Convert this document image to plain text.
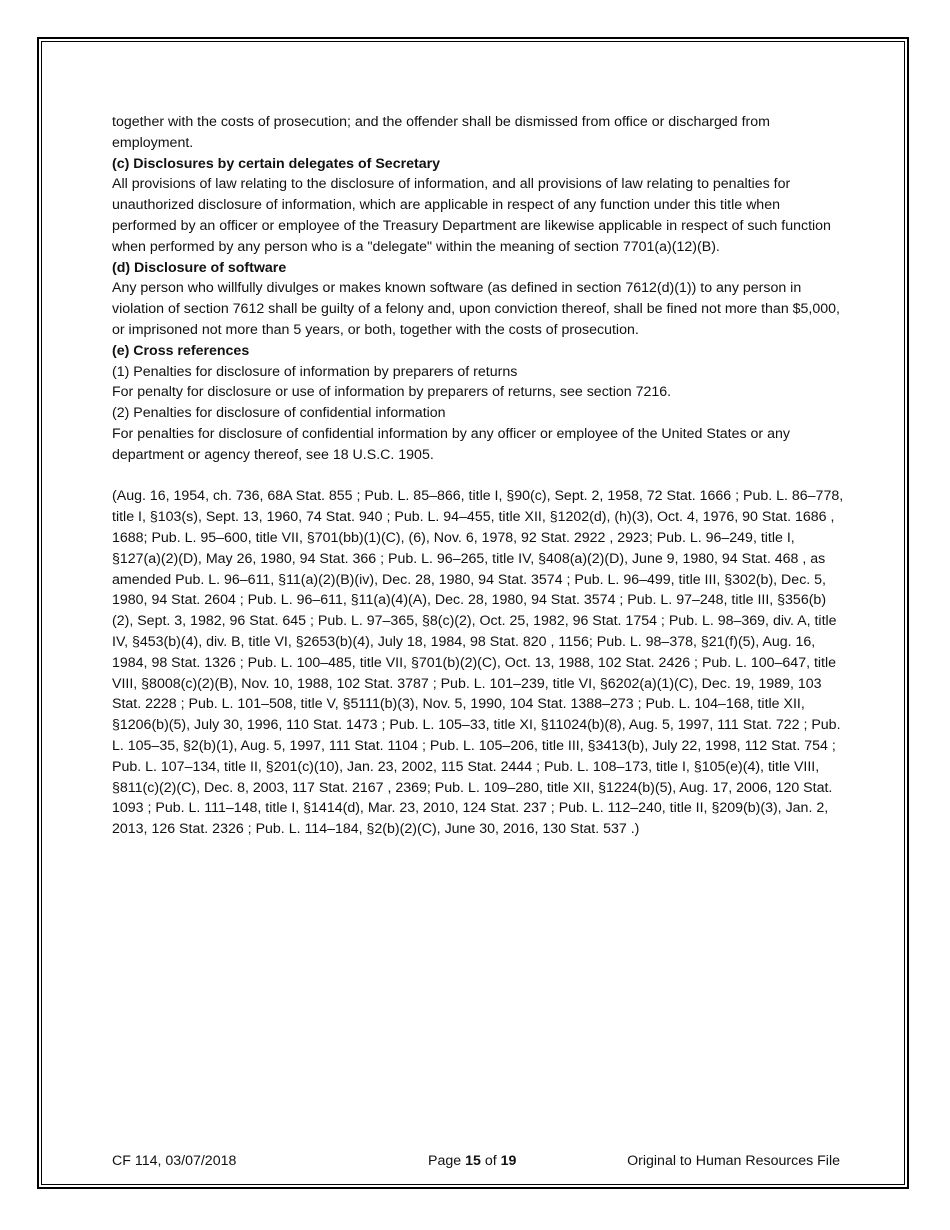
together with the costs of prosecution; and the offender shall be dismissed from office or discharged from employment.

(c) Disclosures by certain delegates of Secretary

All provisions of law relating to the disclosure of information, and all provisions of law relating to penalties for unauthorized disclosure of information, which are applicable in respect of any function under this title when performed by an officer or employee of the Treasury Department are likewise applicable in respect of such function when performed by any person who is a "delegate" within the meaning of section 7701(a)(12)(B).

(d) Disclosure of software

Any person who willfully divulges or makes known software (as defined in section 7612(d)(1)) to any person in violation of section 7612 shall be guilty of a felony and, upon conviction thereof, shall be fined not more than $5,000, or imprisoned not more than 5 years, or both, together with the costs of prosecution.

(e) Cross references

(1) Penalties for disclosure of information by preparers of returns

For penalty for disclosure or use of information by preparers of returns, see section 7216.

(2) Penalties for disclosure of confidential information

For penalties for disclosure of confidential information by any officer or employee of the United States or any department or agency thereof, see 18 U.S.C. 1905.

(Aug. 16, 1954, ch. 736, 68A Stat. 855 ; Pub. L. 85–866, title I, §90(c), Sept. 2, 1958, 72 Stat. 1666 ; Pub. L. 86–778, title I, §103(s), Sept. 13, 1960, 74 Stat. 940 ; Pub. L. 94–455, title XII, §1202(d), (h)(3), Oct. 4, 1976, 90 Stat. 1686 , 1688; Pub. L. 95–600, title VII, §701(bb)(1)(C), (6), Nov. 6, 1978, 92 Stat. 2922 , 2923; Pub. L. 96–249, title I, §127(a)(2)(D), May 26, 1980, 94 Stat. 366 ; Pub. L. 96–265, title IV, §408(a)(2)(D), June 9, 1980, 94 Stat. 468 , as amended Pub. L. 96–611, §11(a)(2)(B)(iv), Dec. 28, 1980, 94 Stat. 3574 ; Pub. L. 96–499, title III, §302(b), Dec. 5, 1980, 94 Stat. 2604 ; Pub. L. 96–611, §11(a)(4)(A), Dec. 28, 1980, 94 Stat. 3574 ; Pub. L. 97–248, title III, §356(b)(2), Sept. 3, 1982, 96 Stat. 645 ; Pub. L. 97–365, §8(c)(2), Oct. 25, 1982, 96 Stat. 1754 ; Pub. L. 98–369, div. A, title IV, §453(b)(4), div. B, title VI, §2653(b)(4), July 18, 1984, 98 Stat. 820 , 1156; Pub. L. 98–378, §21(f)(5), Aug. 16, 1984, 98 Stat. 1326 ; Pub. L. 100–485, title VII, §701(b)(2)(C), Oct. 13, 1988, 102 Stat. 2426 ; Pub. L. 100–647, title VIII, §8008(c)(2)(B), Nov. 10, 1988, 102 Stat. 3787 ; Pub. L. 101–239, title VI, §6202(a)(1)(C), Dec. 19, 1989, 103 Stat. 2228 ; Pub. L. 101–508, title V, §5111(b)(3), Nov. 5, 1990, 104 Stat. 1388–273 ; Pub. L. 104–168, title XII, §1206(b)(5), July 30, 1996, 110 Stat. 1473 ; Pub. L. 105–33, title XI, §11024(b)(8), Aug. 5, 1997, 111 Stat. 722 ; Pub. L. 105–35, §2(b)(1), Aug. 5, 1997, 111 Stat. 1104 ; Pub. L. 105–206, title III, §3413(b), July 22, 1998, 112 Stat. 754 ; Pub. L. 107–134, title II, §201(c)(10), Jan. 23, 2002, 115 Stat. 2444 ; Pub. L. 108–173, title I, §105(e)(4), title VIII, §811(c)(2)(C), Dec. 8, 2003, 117 Stat. 2167 , 2369; Pub. L. 109–280, title XII, §1224(b)(5), Aug. 17, 2006, 120 Stat. 1093 ; Pub. L. 111–148, title I, §1414(d), Mar. 23, 2010, 124 Stat. 237 ; Pub. L. 112–240, title II, §209(b)(3), Jan. 2, 2013, 126 Stat. 2326 ; Pub. L. 114–184, §2(b)(2)(C), June 30, 2016, 130 Stat. 537 .)

CF 114, 03/07/2018	Page 15 of 19	Original to Human Resources File
